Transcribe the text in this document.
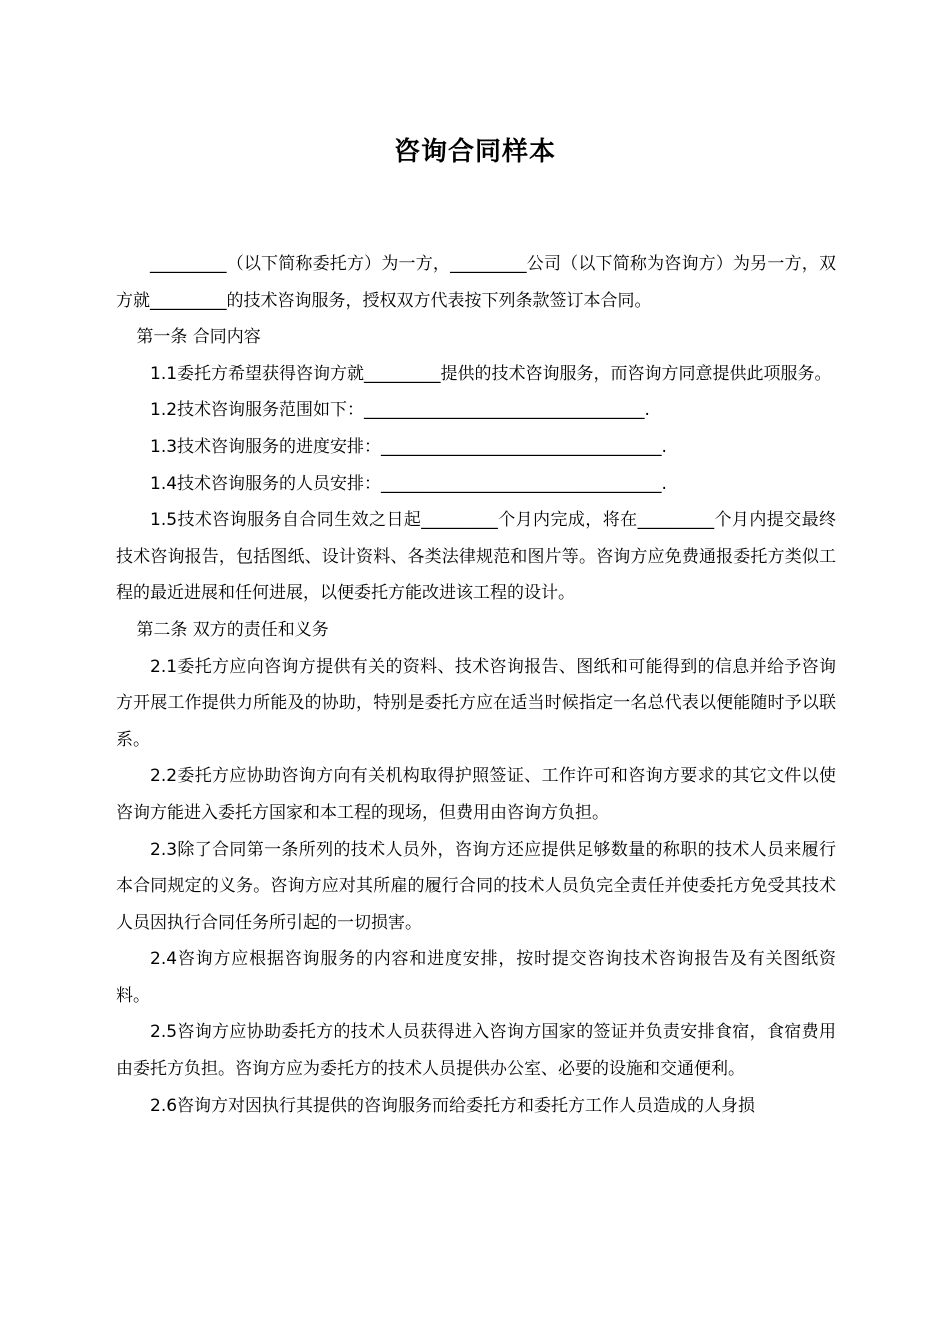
咨询合同样本

_________（以下简称委托方）为一方，_________公司（以下简称为咨询方）为另一方，双方就_________的技术咨询服务，授权双方代表按下列条款签订本合同。

第一条 合同内容

1.1委托方希望获得咨询方就_________提供的技术咨询服务，而咨询方同意提供此项服务。

1.2技术咨询服务范围如下：_________________________________.

1.3技术咨询服务的进度安排：_________________________________.

1.4技术咨询服务的人员安排：_________________________________.

1.5技术咨询服务自合同生效之日起_________个月内完成，将在_________个月内提交最终技术咨询报告，包括图纸、设计资料、各类法律规范和图片等。咨询方应免费通报委托方类似工程的最近进展和任何进展，以便委托方能改进该工程的设计。

第二条 双方的责任和义务

2.1委托方应向咨询方提供有关的资料、技术咨询报告、图纸和可能得到的信息并给予咨询方开展工作提供力所能及的协助，特别是委托方应在适当时候指定一名总代表以便能随时予以联系。

2.2委托方应协助咨询方向有关机构取得护照签证、工作许可和咨询方要求的其它文件以使咨询方能进入委托方国家和本工程的现场，但费用由咨询方负担。

2.3除了合同第一条所列的技术人员外，咨询方还应提供足够数量的称职的技术人员来履行本合同规定的义务。咨询方应对其所雇的履行合同的技术人员负完全责任并使委托方免受其技术人员因执行合同任务所引起的一切损害。

2.4咨询方应根据咨询服务的内容和进度安排，按时提交咨询技术咨询报告及有关图纸资料。

2.5咨询方应协助委托方的技术人员获得进入咨询方国家的签证并负责安排食宿，食宿费用由委托方负担。咨询方应为委托方的技术人员提供办公室、必要的设施和交通便利。

2.6咨询方对因执行其提供的咨询服务而给委托方和委托方工作人员造成的人身损
